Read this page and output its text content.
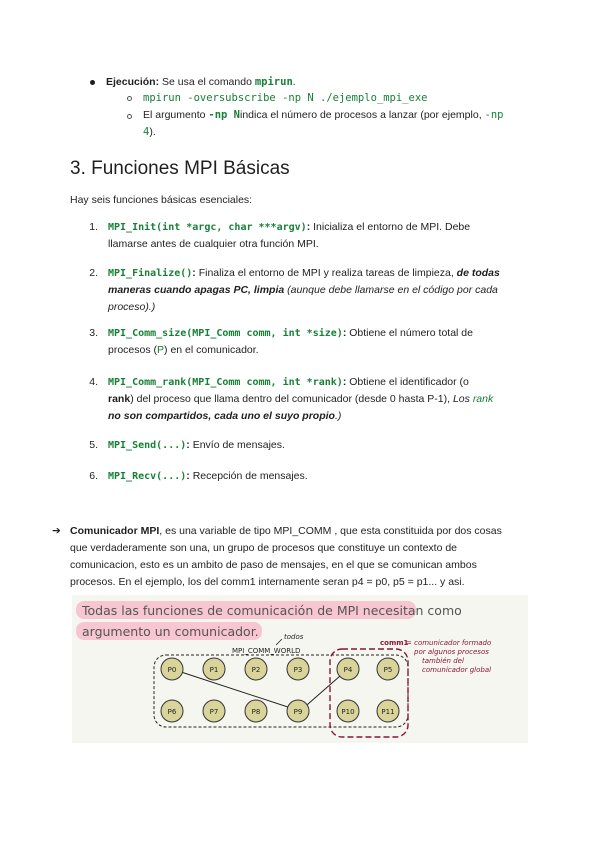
Ejecución: Se usa el comando mpirun.
mpirun -oversubscribe -np N ./ejemplo_mpi_exe
El argumento -np Nindica el número de procesos a lanzar (por ejemplo, -np
4).
3. Funciones MPI Básicas
Hay seis funciones básicas esenciales:
1. MPI_Init(int *argc, char ***argv): Inicializa el entorno de MPI. Debe
llamarse antes de cualquier otra función MPI.
2. MPI_Finalize(): Finaliza el entorno de MPI y realiza tareas de limpieza, de todas
maneras cuando apagas PC, limpia (aunque debe llamarse en el código por cada
proceso).)
3. MPI_Comm_size(MPI_Comm comm, int *size): Obtiene el número total de
procesos (P) en el comunicador.
4. MPI_Comm_rank(MPI_Comm comm, int *rank): Obtiene el identificador (o
rank) del proceso que llama dentro del comunicador (desde 0 hasta P-1), Los rank
no son compartidos, cada uno el suyo propio.)
5. MPI_Send(...): Envío de mensajes.
6. MPI_Recv(...): Recepción de mensajes.
➔ Comunicador MPI, es una variable de tipo MPI_COMM , que esta constituida por dos cosas
que verdaderamente son una, un grupo de procesos que constituye un contexto de
comunicacion, esto es un ambito de paso de mensajes, en el que se comunican ambos
procesos. En el ejemplo, los del comm1 internamente seran p4 = p0, p5 = p1... y asi.
Todas las funciones de comunicación de MPI necesitan como
argumento un comunicador.
MPI_COMM_WORLD
todos
comm1
= comunicador formado
por algunos procesos
también del
comunicador global
P0	P1	P2	P3	P4	P5
P6	P7	P8	P9	P10	P11
